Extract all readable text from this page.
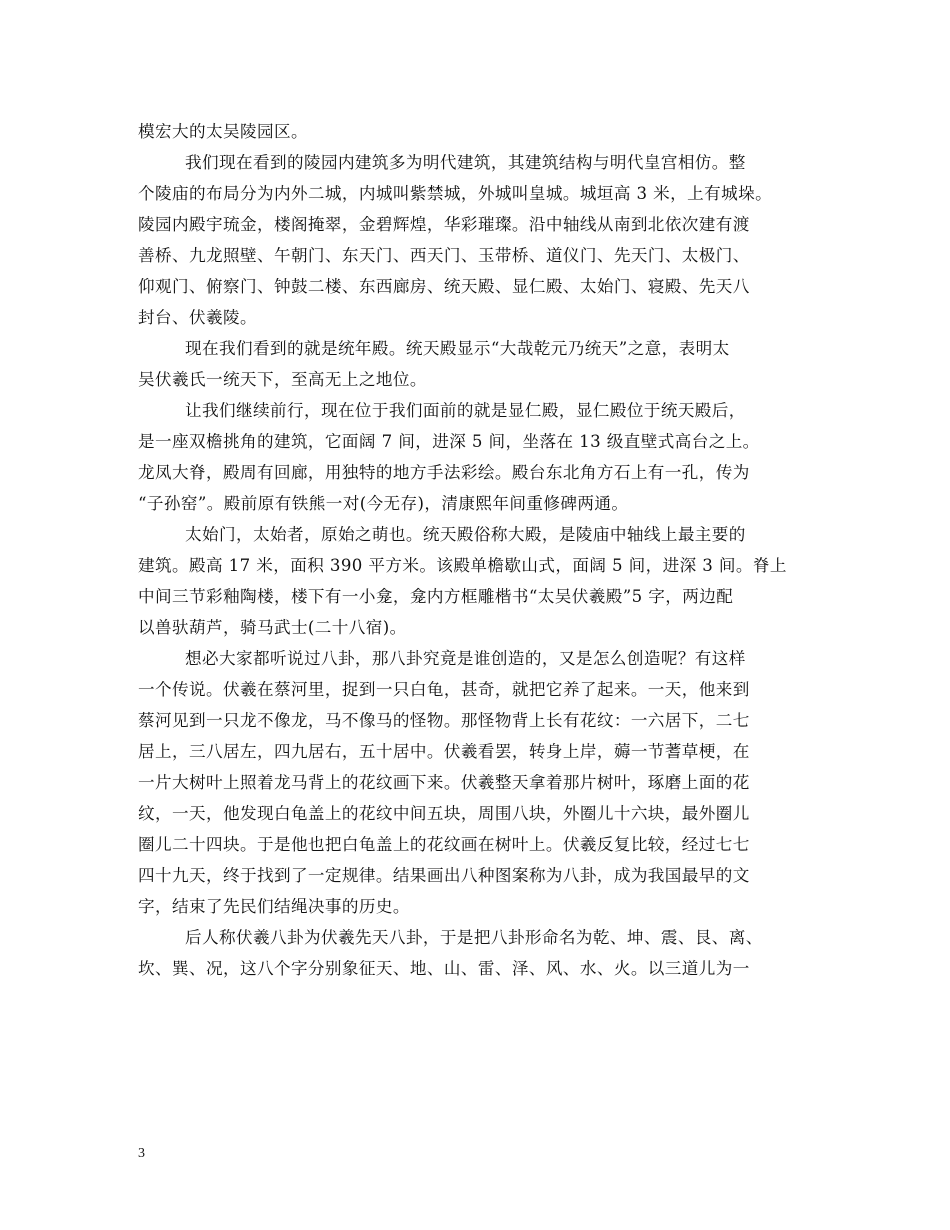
模宏大的太吴陵园区。
我们现在看到的陵园内建筑多为明代建筑，其建筑结构与明代皇宫相仿。整
个陵庙的布局分为内外二城，内城叫紫禁城，外城叫皇城。城垣高 3 米，上有城垛。
陵园内殿宇琉金，楼阁掩翠，金碧辉煌，华彩璀璨。沿中轴线从南到北依次建有渡
善桥、九龙照壁、午朝门、东天门、西天门、玉带桥、道仪门、先天门、太极门、
仰观门、俯察门、钟鼓二楼、东西廊房、统天殿、显仁殿、太始门、寝殿、先天八
封台、伏羲陵。
现在我们看到的就是统年殿。统天殿显示“大哉乾元乃统天”之意，表明太
吴伏羲氏一统天下，至高无上之地位。
让我们继续前行，现在位于我们面前的就是显仁殿，显仁殿位于统天殿后，
是一座双檐挑角的建筑，它面阔 7 间，进深 5 间，坐落在 13 级直壁式高台之上。
龙凤大脊，殿周有回廊，用独特的地方手法彩绘。殿台东北角方石上有一孔，传为
“子孙窑”。殿前原有铁熊一对(今无存)，清康熙年间重修碑两通。
太始门，太始者，原始之萌也。统天殿俗称大殿，是陵庙中轴线上最主要的
建筑。殿高 17 米，面积 390 平方米。该殿单檐歇山式，面阔 5 间，进深 3 间。脊上
中间三节彩釉陶楼，楼下有一小龛，龛内方框雕楷书“太吴伏羲殿”5 字，两边配
以兽驮葫芦，骑马武士(二十八宿)。
想必大家都听说过八卦，那八卦究竟是谁创造的，又是怎么创造呢？有这样
一个传说。伏羲在蔡河里，捉到一只白龟，甚奇，就把它养了起来。一天，他来到
蔡河见到一只龙不像龙，马不像马的怪物。那怪物背上长有花纹：一六居下，二七
居上，三八居左，四九居右，五十居中。伏羲看罢，转身上岸，薅一节蓍草梗，在
一片大树叶上照着龙马背上的花纹画下来。伏羲整天拿着那片树叶，琢磨上面的花
纹，一天，他发现白龟盖上的花纹中间五块，周围八块，外圈儿十六块，最外圈儿
圈儿二十四块。于是他也把白龟盖上的花纹画在树叶上。伏羲反复比较，经过七七
四十九天，终于找到了一定规律。结果画出八种图案称为八卦，成为我国最早的文
字，结束了先民们结绳决事的历史。
后人称伏羲八卦为伏羲先天八卦，于是把八卦形命名为乾、坤、震、艮、离、
坎、巽、况，这八个字分别象征天、地、山、雷、泽、风、水、火。以三道儿为一
3
